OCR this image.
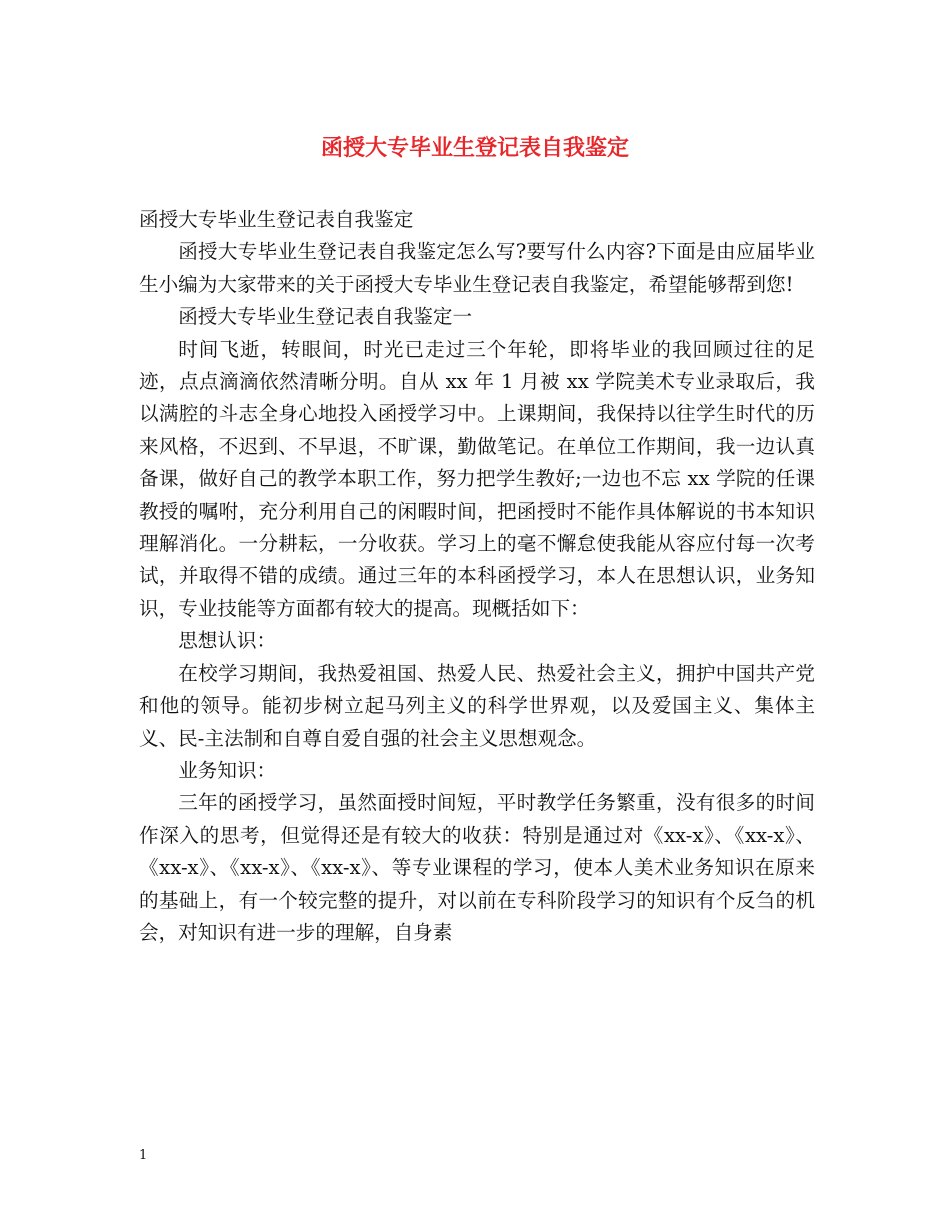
函授大专毕业生登记表自我鉴定

函授大专毕业生登记表自我鉴定

函授大专毕业生登记表自我鉴定怎么写?要写什么内容?下面是由应届毕业生小编为大家带来的关于函授大专毕业生登记表自我鉴定，希望能够帮到您!

函授大专毕业生登记表自我鉴定一

时间飞逝，转眼间，时光已走过三个年轮，即将毕业的我回顾过往的足迹，点点滴滴依然清晰分明。自从 xx 年 1 月被 xx 学院美术专业录取后，我以满腔的斗志全身心地投入函授学习中。上课期间，我保持以往学生时代的历来风格，不迟到、不早退，不旷课，勤做笔记。在单位工作期间，我一边认真备课，做好自己的教学本职工作，努力把学生教好;一边也不忘 xx 学院的任课教授的嘱咐，充分利用自己的闲暇时间，把函授时不能作具体解说的书本知识理解消化。一分耕耘，一分收获。学习上的毫不懈怠使我能从容应付每一次考试，并取得不错的成绩。通过三年的本科函授学习，本人在思想认识，业务知识，专业技能等方面都有较大的提高。现概括如下：

思想认识：

在校学习期间，我热爱祖国、热爱人民、热爱社会主义，拥护中国共产党和他的领导。能初步树立起马列主义的科学世界观，以及爱国主义、集体主义、民-主法制和自尊自爱自强的社会主义思想观念。

业务知识：

三年的函授学习，虽然面授时间短，平时教学任务繁重，没有很多的时间作深入的思考，但觉得还是有较大的收获：特别是通过对《xx-x》、《xx-x》、《xx-x》、《xx-x》、《xx-x》、等专业课程的学习，使本人美术业务知识在原来的基础上，有一个较完整的提升，对以前在专科阶段学习的知识有个反刍的机会，对知识有进一步的理解，自身素

1
